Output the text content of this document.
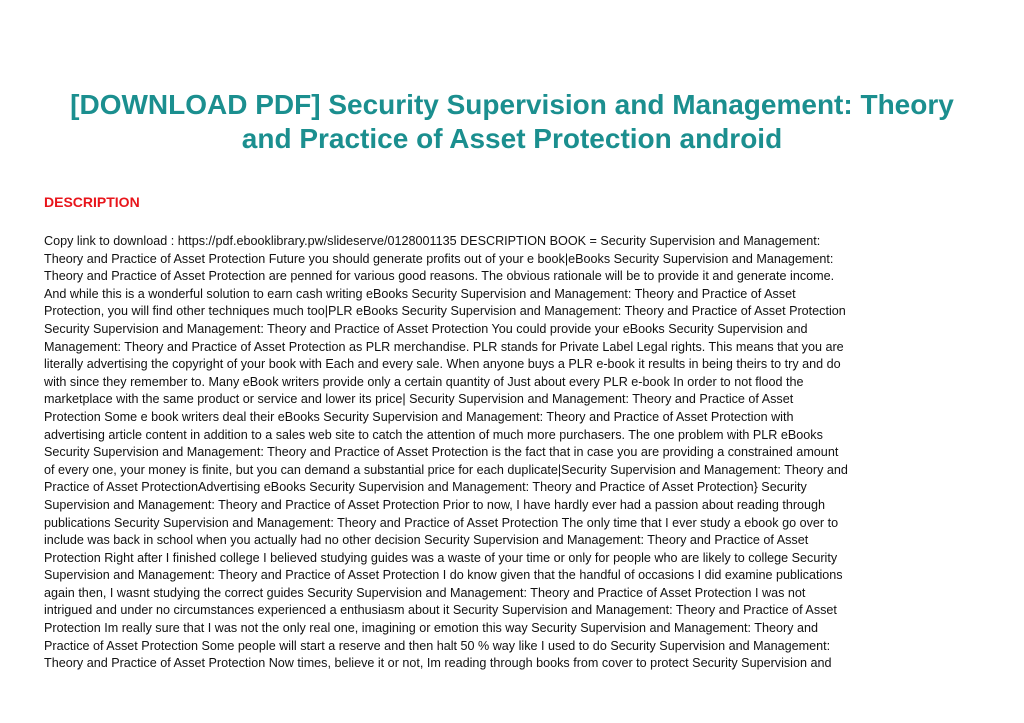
[DOWNLOAD PDF] Security Supervision and Management: Theory
and Practice of Asset Protection android
DESCRIPTION
Copy link to download : https://pdf.ebooklibrary.pw/slideserve/0128001135 DESCRIPTION BOOK = Security Supervision and Management:
Theory and Practice of Asset Protection Future you should generate profits out of your e book|eBooks Security Supervision and Management:
Theory and Practice of Asset Protection are penned for various good reasons. The obvious rationale will be to provide it and generate income.
And while this is a wonderful solution to earn cash writing eBooks Security Supervision and Management: Theory and Practice of Asset
Protection, you will find other techniques much too|PLR eBooks Security Supervision and Management: Theory and Practice of Asset Protection
Security Supervision and Management: Theory and Practice of Asset Protection You could provide your eBooks Security Supervision and
Management: Theory and Practice of Asset Protection as PLR merchandise. PLR stands for Private Label Legal rights. This means that you are
literally advertising the copyright of your book with Each and every sale. When anyone buys a PLR e-book it results in being theirs to try and do
with since they remember to. Many eBook writers provide only a certain quantity of Just about every PLR e-book In order to not flood the
marketplace with the same product or service and lower its price| Security Supervision and Management: Theory and Practice of Asset
Protection Some e book writers deal their eBooks Security Supervision and Management: Theory and Practice of Asset Protection with
advertising article content in addition to a sales web site to catch the attention of much more purchasers. The one problem with PLR eBooks
Security Supervision and Management: Theory and Practice of Asset Protection is the fact that in case you are providing a constrained amount
of every one, your money is finite, but you can demand a substantial price for each duplicate|Security Supervision and Management: Theory and
Practice of Asset ProtectionAdvertising eBooks Security Supervision and Management: Theory and Practice of Asset Protection} Security
Supervision and Management: Theory and Practice of Asset Protection Prior to now, I have hardly ever had a passion about reading through
publications Security Supervision and Management: Theory and Practice of Asset Protection The only time that I ever study a ebook go over to
include was back in school when you actually had no other decision Security Supervision and Management: Theory and Practice of Asset
Protection Right after I finished college I believed studying guides was a waste of your time or only for people who are likely to college Security
Supervision and Management: Theory and Practice of Asset Protection I do know given that the handful of occasions I did examine publications
again then, I wasnt studying the correct guides Security Supervision and Management: Theory and Practice of Asset Protection I was not
intrigued and under no circumstances experienced a enthusiasm about it Security Supervision and Management: Theory and Practice of Asset
Protection Im really sure that I was not the only real one, imagining or emotion this way Security Supervision and Management: Theory and
Practice of Asset Protection Some people will start a reserve and then halt 50 % way like I used to do Security Supervision and Management:
Theory and Practice of Asset Protection Now times, believe it or not, Im reading through books from cover to protect Security Supervision and
